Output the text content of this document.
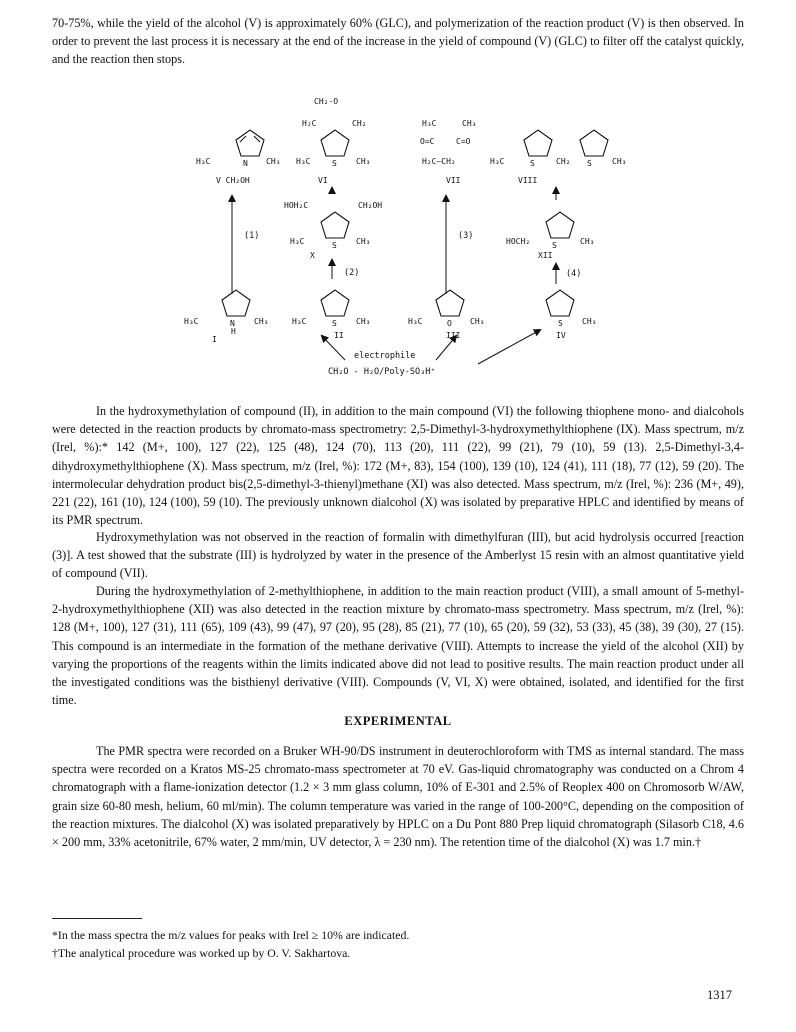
70-75%, while the yield of the alcohol (V) is approximately 60% (GLC), and polymerization of the reaction product (V) is then observed. In order to prevent the last process it is necessary at the end of the increase in the yield of compound (V) (GLC) to filter off the catalyst quickly, and the reaction then stops.

N
H₃C	CH₃
V CH₂OH
CH₂-O
H₂C	CH₂
S
H₃C	CH₃
VI
H₃C	CH₃
O=C	C=O
H₂C—CH₂
VII
S	S
H₃C	CH₂	CH₃
VIII
HOH₂C	CH₂OH
S
H₃C	CH₃
X
S
HOCH₂	CH₃
XII
(1)
(2)
(3)
(4)
N
H
H₃C	CH₃
I
S
H₃C	CH₃
II
O
H₃C	CH₃
III
S CH₃
IV
electrophile
CH₂O - H₂O/Poly-SO₃H⁺

In the hydroxymethylation of compound (II), in addition to the main compound (VI) the following thiophene mono- and dialcohols were detected in the reaction products by chromato-mass spectrometry: 2,5-Dimethyl-3-hydroxymethylthiophene (IX). Mass spectrum, m/z (Irel, %):* 142 (M+, 100), 127 (22), 125 (48), 124 (70), 113 (20), 111 (22), 99 (21), 79 (10), 59 (13). 2,5-Dimethyl-3,4-dihydroxymethylthiophene (X). Mass spectrum, m/z (Irel, %): 172 (M+, 83), 154 (100), 139 (10), 124 (41), 111 (18), 77 (12), 59 (20). The intermolecular dehydration product bis(2,5-dimethyl-3-thienyl)methane (XI) was also detected. Mass spectrum, m/z (Irel, %): 236 (M+, 49), 221 (22), 161 (10), 124 (100), 59 (10). The previously unknown dialcohol (X) was isolated by preparative HPLC and identified by means of its PMR spectrum.

Hydroxymethylation was not observed in the reaction of formalin with dimethylfuran (III), but acid hydrolysis occurred [reaction (3)]. A test showed that the substrate (III) is hydrolyzed by water in the presence of the Amberlyst 15 resin with an almost quantitative yield of compound (VII).

During the hydroxymethylation of 2-methylthiophene, in addition to the main reaction product (VIII), a small amount of 5-methyl-2-hydroxymethylthiophene (XII) was also detected in the reaction mixture by chromato-mass spectrometry. Mass spectrum, m/z (Irel, %): 128 (M+, 100), 127 (31), 111 (65), 109 (43), 99 (47), 97 (20), 95 (28), 85 (21), 77 (10), 65 (20), 59 (32), 53 (33), 45 (38), 39 (30), 27 (15). This compound is an intermediate in the formation of the methane derivative (VIII). Attempts to increase the yield of the alcohol (XII) by varying the proportions of the reagents within the limits indicated above did not lead to positive results. The main reaction product under all the investigated conditions was the bisthienyl derivative (VIII). Compounds (V, VI, X) were obtained, isolated, and identified for the first time.

EXPERIMENTAL

The PMR spectra were recorded on a Bruker WH-90/DS instrument in deuterochloroform with TMS as internal standard. The mass spectra were recorded on a Kratos MS-25 chromato-mass spectrometer at 70 eV. Gas-liquid chromatography was conducted on a Chrom 4 chromatograph with a flame-ionization detector (1.2 × 3 mm glass column, 10% of E-301 and 2.5% of Reoplex 400 on Chromosorb W/AW, grain size 60-80 mesh, helium, 60 ml/min). The column temperature was varied in the range of 100-200°C, depending on the composition of the reaction mixtures. The dialcohol (X) was isolated preparatively by HPLC on a Du Pont 880 Prep liquid chromatograph (Silasorb C18, 4.6 × 200 mm, 33% acetonitrile, 67% water, 2 mm/min, UV detector, λ = 230 nm). The retention time of the dialcohol (X) was 1.7 min.†

*In the mass spectra the m/z values for peaks with Irel ≥ 10% are indicated.
†The analytical procedure was worked up by O. V. Sakhartova.
1317
